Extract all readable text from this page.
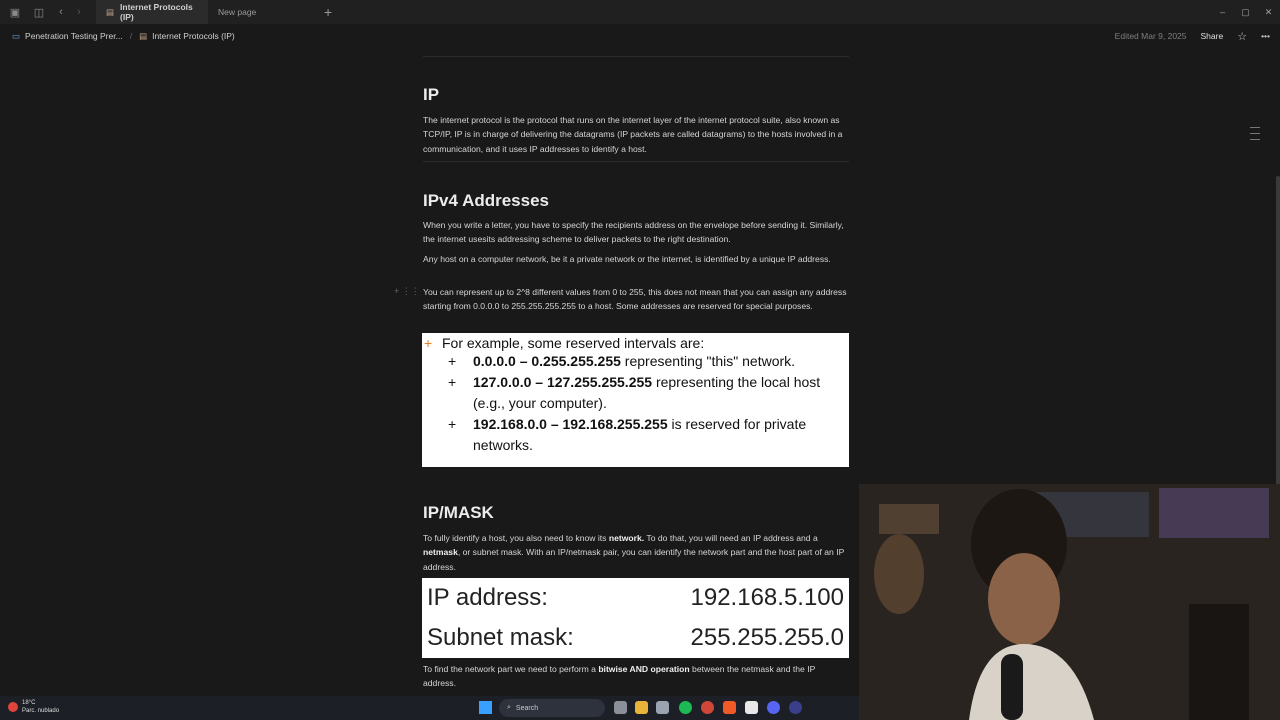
▣	◫	‹	›	▤ Internet Protocols (IP)	New page	+	–	▢	✕
▭ Penetration Testing Prer... / ▤ Internet Protocols (IP)	Edited Mar 9, 2025 Share ☆ •••
IP
The internet protocol is the protocol that runs on the internet layer of the internet protocol suite, also known as TCP/IP, IP is in charge of delivering the datagrams (IP packets are called datagrams) to the hosts involved in a communication, and it uses IP addresses to identify a host.
IPv4 Addresses
When you write a letter, you have to specify the recipients address on the envelope before sending it. Similarly, the internet usesits addressing scheme to deliver packets to the right destination.
Any host on a computer network, be it a private network or the internet, is identified by a unique IP address.
+ ⋮⋮ You can represent up to 2^8 different values from 0 to 255, this does not mean that you can assign any address starting from 0.0.0.0 to 255.255.255.255 to a host. Some addresses are reserved for special purposes.
+ For example, some reserved intervals are:
+ 0.0.0.0 – 0.255.255.255 representing "this" network.
+ 127.0.0.0 – 127.255.255.255 representing the local host (e.g., your computer).
+ 192.168.0.0 – 192.168.255.255 is reserved for private networks.
IP/MASK
To fully identify a host, you also need to know its network. To do that, you will need an IP address and a netmask, or subnet mask. With an IP/netmask pair, you can identify the network part and the host part of an IP address.
IP address:	192.168.5.100
Subnet mask:	255.255.255.0
To find the network part we need to perform a bitwise AND operation between the netmask and the IP address.
18°C
Parc. nublado	⌕ Search
